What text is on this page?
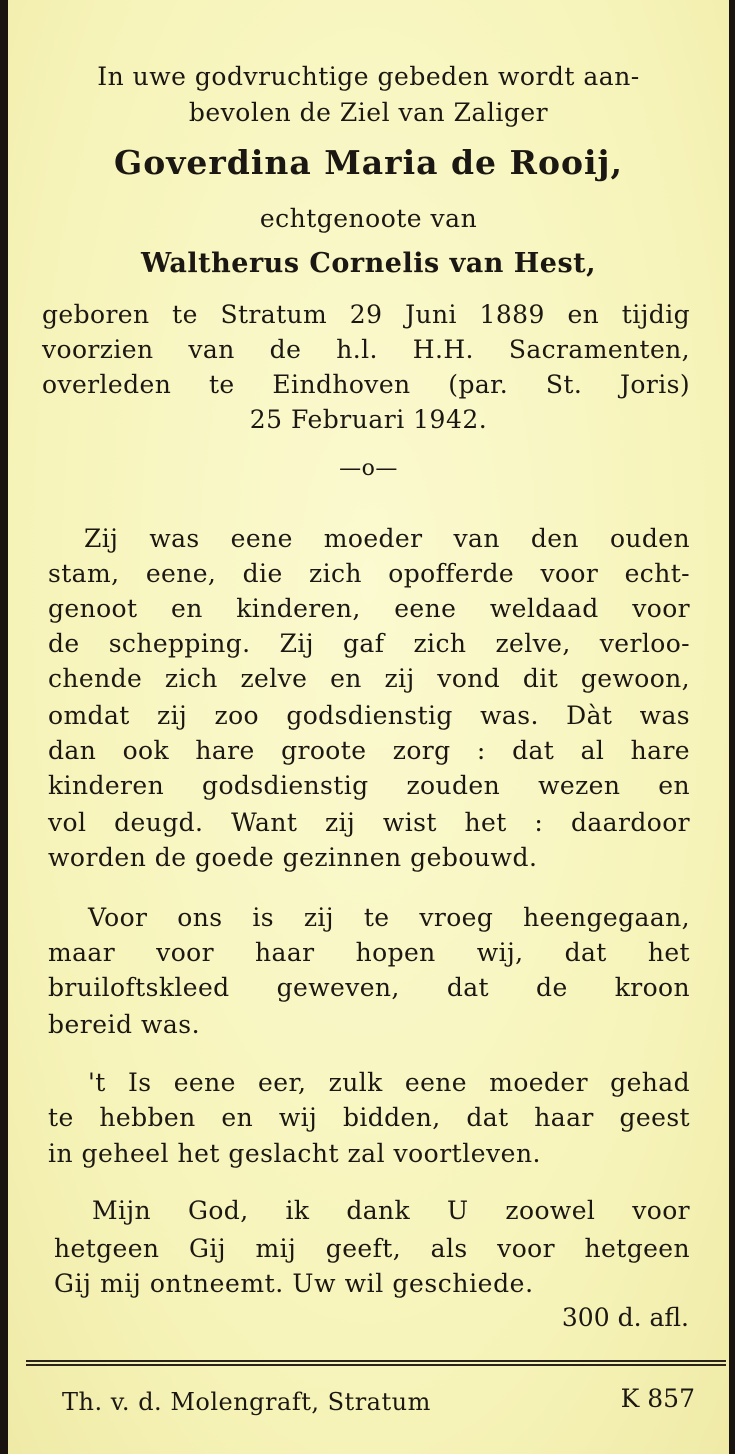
In uwe godvruchtige gebeden wordt aan-
bevolen de Ziel van Zaliger
Goverdina Maria de Rooij,
echtgenoote van
Waltherus Cornelis van Hest,
geboren te Stratum 29 Juni 1889 en tijdig
voorzien van de h.l. H.H. Sacramenten,
overleden te Eindhoven (par. St. Joris)
25 Februari 1942.
—o—
Zij was eene moeder van den ouden
stam, eene, die zich opofferde voor echt-
genoot en kinderen, eene weldaad voor
de schepping. Zij gaf zich zelve, verloo-
chende zich zelve en zij vond dit gewoon,
omdat zij zoo godsdienstig was. Dàt was
dan ook hare groote zorg : dat al hare
kinderen godsdienstig zouden wezen en
vol deugd. Want zij wist het : daardoor
worden de goede gezinnen gebouwd.
Voor ons is zij te vroeg heengegaan,
maar voor haar hopen wij, dat het
bruiloftskleed geweven, dat de kroon
bereid was.
't Is eene eer, zulk eene moeder gehad
te hebben en wij bidden, dat haar geest
in geheel het geslacht zal voortleven.
Mijn God, ik dank U zoowel voor
hetgeen Gij mij geeft, als voor hetgeen
Gij mij ontneemt. Uw wil geschiede.
300 d. afl.
Th. v. d. Molengraft, Stratum	K 857
